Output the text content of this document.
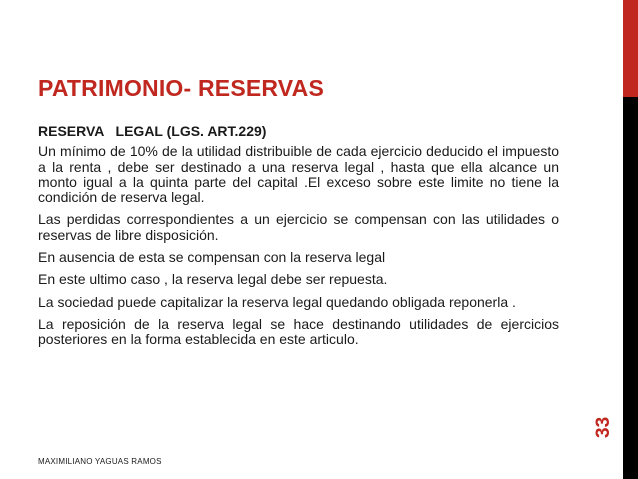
PATRIMONIO- RESERVAS
RESERVA   LEGAL (LGS. ART.229)

Un mínimo de 10% de la utilidad distribuible de cada ejercicio deducido el impuesto a la renta , debe ser destinado a una reserva legal , hasta que ella alcance un monto igual a la quinta parte del capital .El exceso sobre este limite no tiene la condición de reserva legal.

Las perdidas correspondientes a un ejercicio se compensan con las utilidades o reservas de libre disposición.

En ausencia de esta se compensan con la reserva legal

En este ultimo caso , la reserva legal debe ser repuesta.

La sociedad puede capitalizar la reserva legal quedando obligada reponerla .

La reposición de la reserva legal se hace destinando utilidades de ejercicios posteriores en la forma establecida en este articulo.

MAXIMILIANO YAGUAS RAMOS
33
